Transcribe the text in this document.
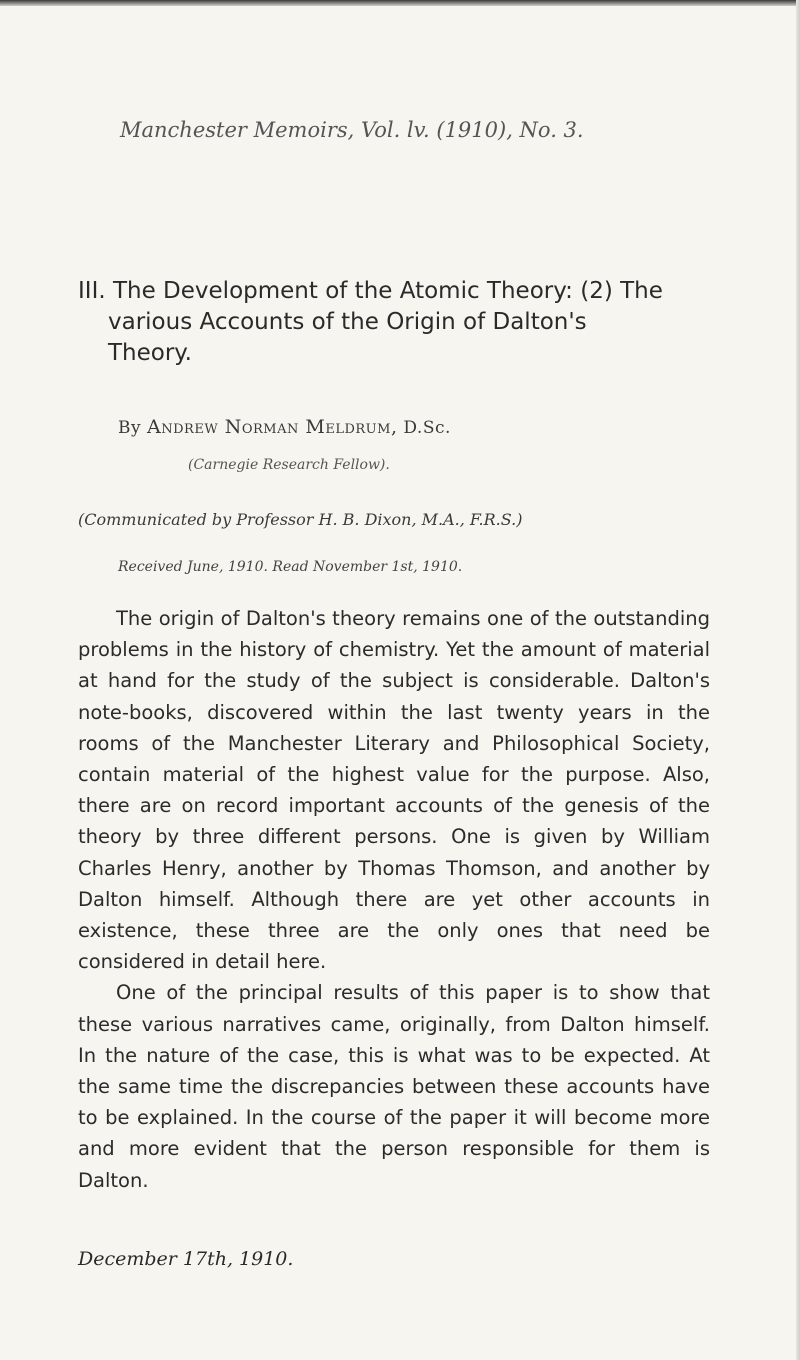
Manchester Memoirs, Vol. lv. (1910), No. 3.
III. The Development of the Atomic Theory: (2) The
various Accounts of the Origin of Dalton's
Theory.
By Andrew Norman Meldrum, D.Sc.
(Carnegie Research Fellow).
(Communicated by Professor H. B. Dixon, M.A., F.R.S.)
Received June, 1910. Read November 1st, 1910.

The origin of Dalton's theory remains one of the outstanding problems in the history of chemistry. Yet the amount of material at hand for the study of the subject is considerable. Dalton's note-books, discovered within the last twenty years in the rooms of the Manchester Literary and Philosophical Society, contain material of the highest value for the purpose. Also, there are on record important accounts of the genesis of the theory by three different persons. One is given by William Charles Henry, another by Thomas Thomson, and another by Dalton himself. Although there are yet other accounts in existence, these three are the only ones that need be considered in detail here.

One of the principal results of this paper is to show that these various narratives came, originally, from Dalton himself. In the nature of the case, this is what was to be expected. At the same time the discrepancies between these accounts have to be explained. In the course of the paper it will become more and more evident that the person responsible for them is Dalton.

December 17th, 1910.
